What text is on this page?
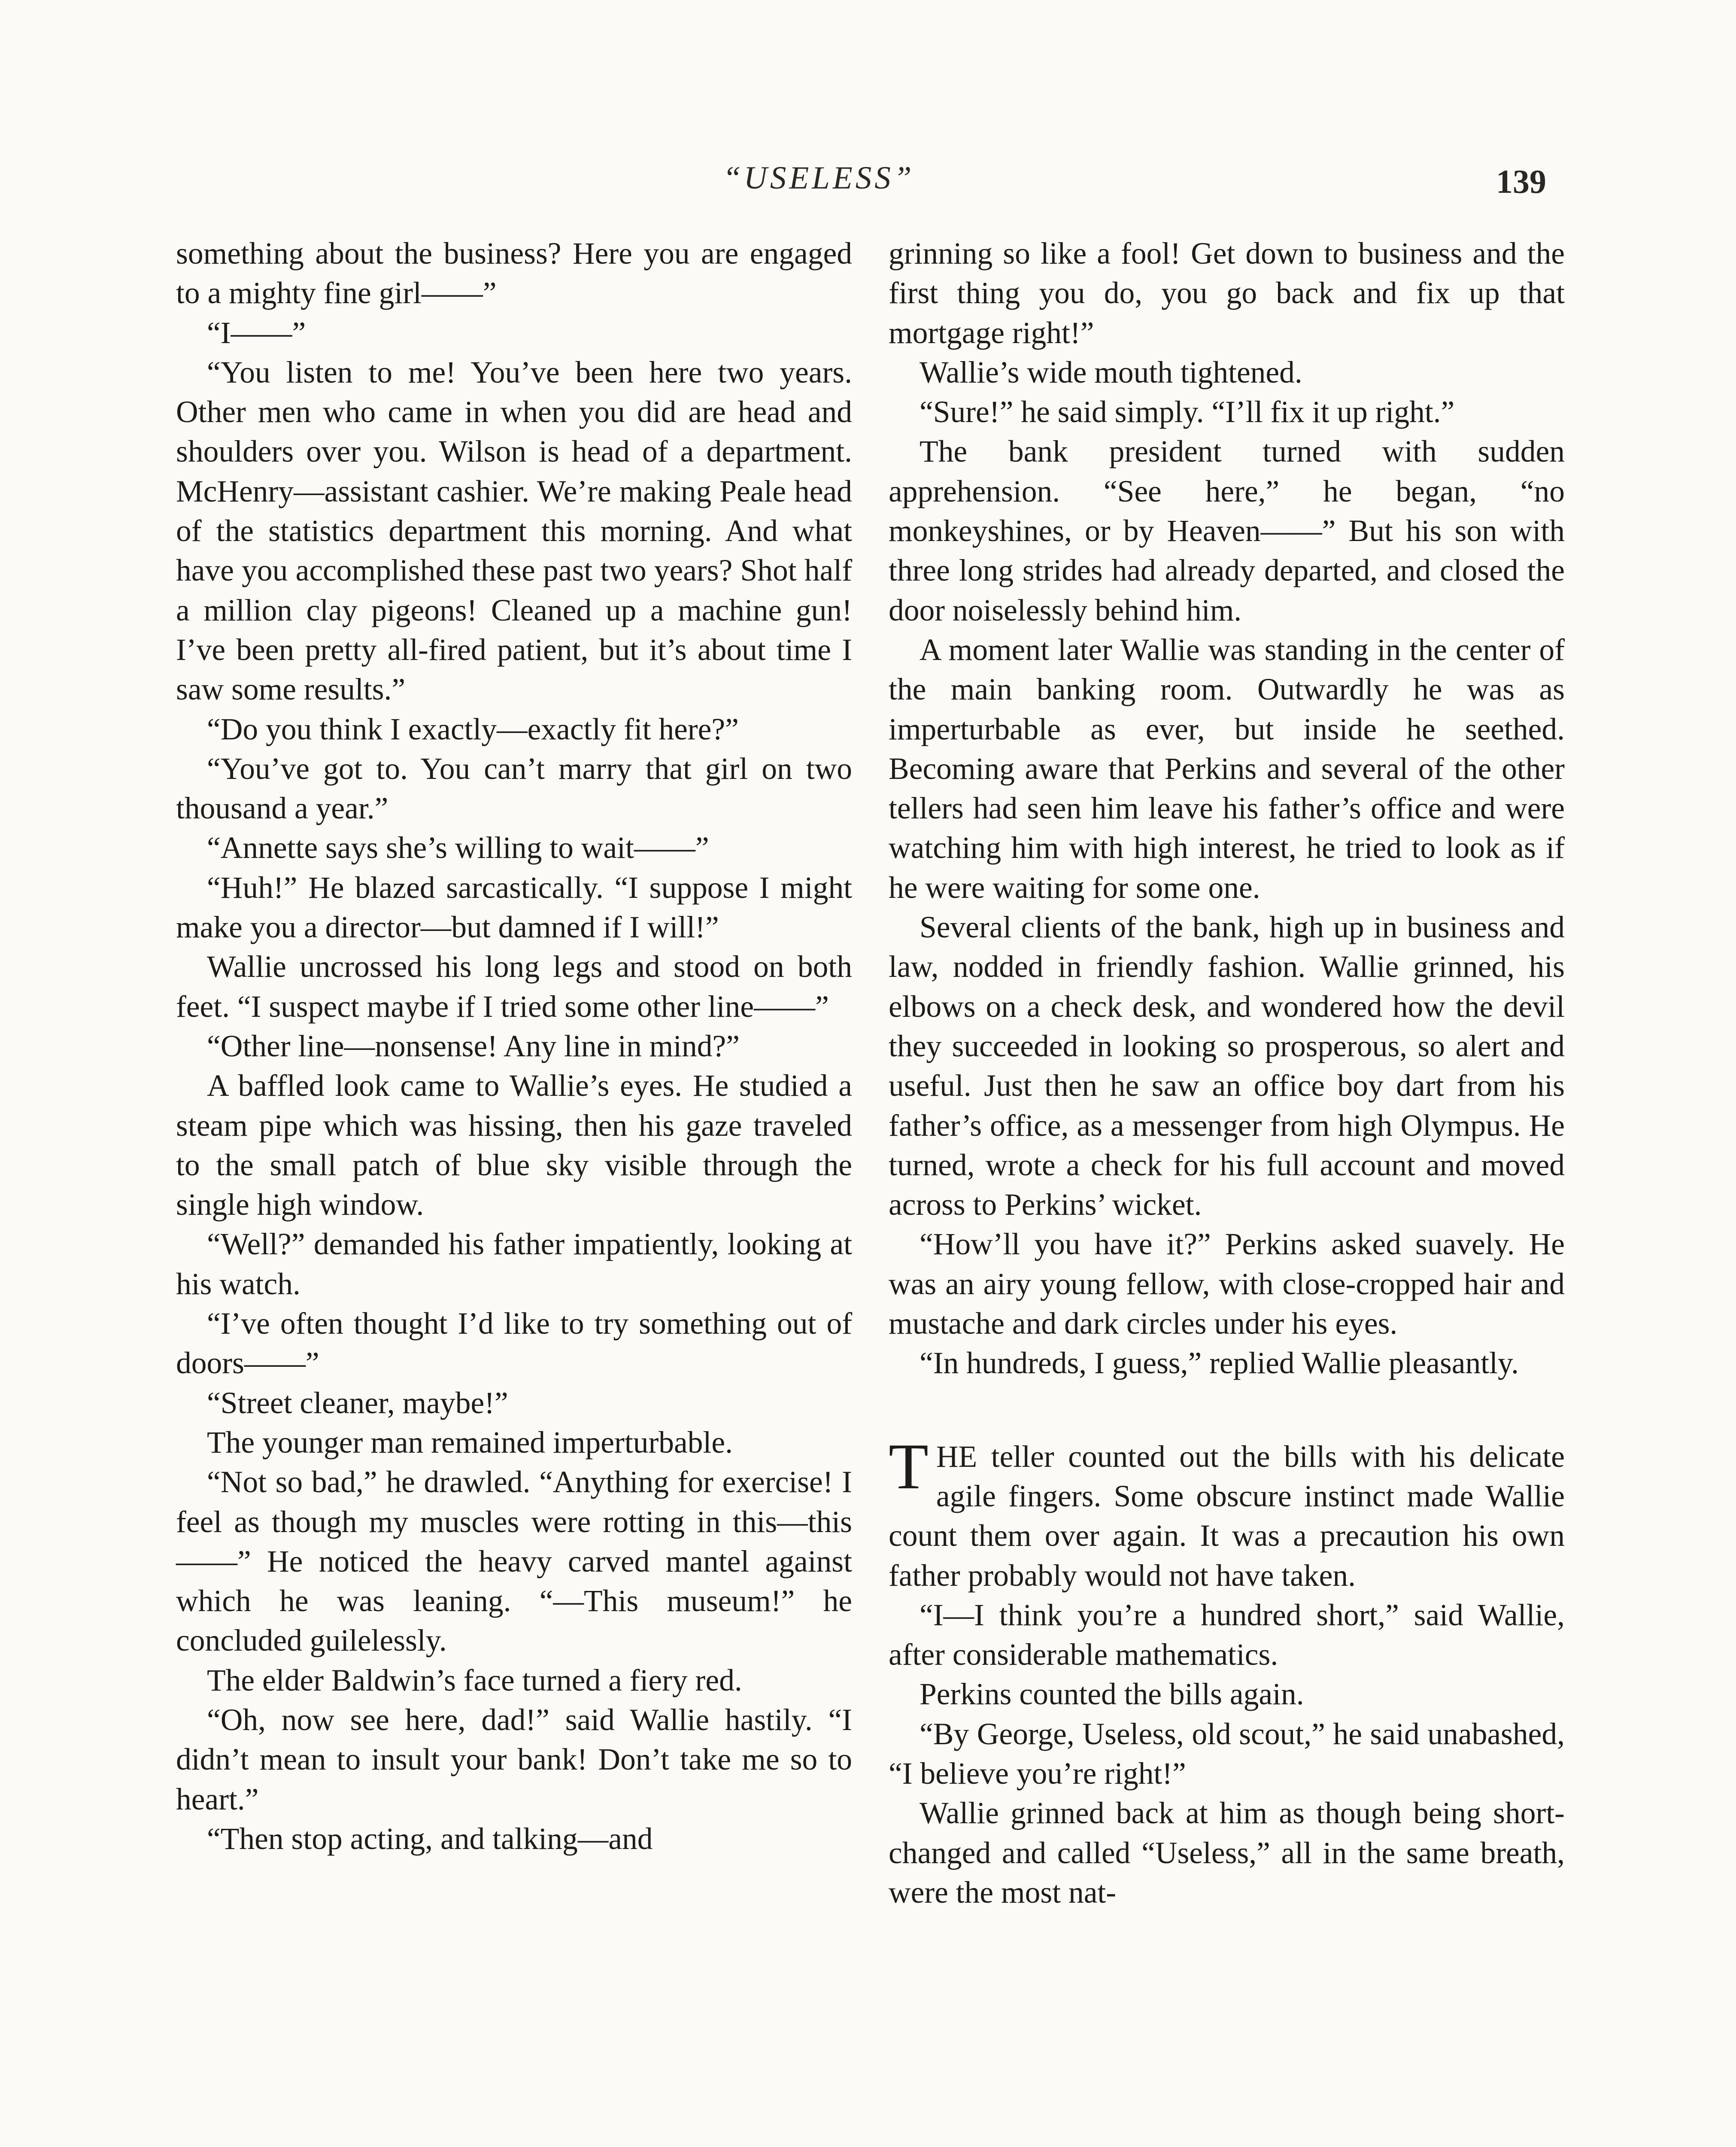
“USELESS”	139

something about the business? Here you are engaged to a mighty fine girl——”

“I——”

“You listen to me! You’ve been here two years. Other men who came in when you did are head and shoulders over you. Wilson is head of a department. McHenry—assistant cashier. We’re making Peale head of the statistics department this morning. And what have you accomplished these past two years? Shot half a million clay pigeons! Cleaned up a machine gun! I’ve been pretty all-fired patient, but it’s about time I saw some results.”

“Do you think I exactly—exactly fit here?”

“You’ve got to. You can’t marry that girl on two thousand a year.”

“Annette says she’s willing to wait——”

“Huh!” He blazed sarcastically. “I suppose I might make you a director—but damned if I will!”

Wallie uncrossed his long legs and stood on both feet. “I suspect maybe if I tried some other line——”

“Other line—nonsense! Any line in mind?”

A baffled look came to Wallie’s eyes. He studied a steam pipe which was hissing, then his gaze traveled to the small patch of blue sky visible through the single high window.

“Well?” demanded his father impatiently, looking at his watch.

“I’ve often thought I’d like to try something out of doors——”

“Street cleaner, maybe!”

The younger man remained imperturbable.

“Not so bad,” he drawled. “Anything for exercise! I feel as though my muscles were rotting in this—this——” He noticed the heavy carved mantel against which he was leaning. “—This museum!” he concluded guilelessly.

The elder Baldwin’s face turned a fiery red.

“Oh, now see here, dad!” said Wallie hastily. “I didn’t mean to insult your bank! Don’t take me so to heart.”

“Then stop acting, and talking—and

grinning so like a fool! Get down to business and the first thing you do, you go back and fix up that mortgage right!”

Wallie’s wide mouth tightened.

“Sure!” he said simply. “I’ll fix it up right.”

The bank president turned with sudden apprehension. “See here,” he began, “no monkeyshines, or by Heaven——” But his son with three long strides had already departed, and closed the door noiselessly behind him.

A moment later Wallie was standing in the center of the main banking room. Outwardly he was as imperturbable as ever, but inside he seethed. Becoming aware that Perkins and several of the other tellers had seen him leave his father’s office and were watching him with high interest, he tried to look as if he were waiting for some one.

Several clients of the bank, high up in business and law, nodded in friendly fashion. Wallie grinned, his elbows on a check desk, and wondered how the devil they succeeded in looking so prosperous, so alert and useful. Just then he saw an office boy dart from his father’s office, as a messenger from high Olympus. He turned, wrote a check for his full account and moved across to Perkins’ wicket.

“How’ll you have it?” Perkins asked suavely. He was an airy young fellow, with close-cropped hair and mustache and dark circles under his eyes.

“In hundreds, I guess,” replied Wallie pleasantly.

THE teller counted out the bills with his delicate agile fingers. Some obscure instinct made Wallie count them over again. It was a precaution his own father probably would not have taken.

“I—I think you’re a hundred short,” said Wallie, after considerable mathematics.

Perkins counted the bills again.

“By George, Useless, old scout,” he said unabashed, “I believe you’re right!”

Wallie grinned back at him as though being short-changed and called “Useless,” all in the same breath, were the most nat-
